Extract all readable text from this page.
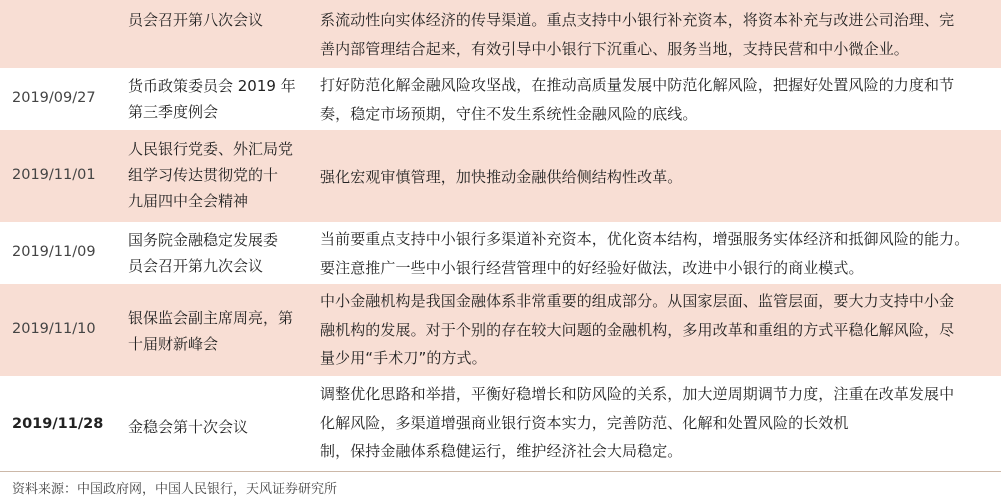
员会召开第八次会议	系流动性向实体经济的传导渠道。重点支持中小银行补充资本，将资本补充与改进公司治理、完
善内部管理结合起来，有效引导中小银行下沉重心、服务当地，支持民营和中小微企业。
2019/09/27
货币政策委员会 2019 年
第三季度例会
打好防范化解金融风险攻坚战，在推动高质量发展中防范化解风险，把握好处置风险的力度和节
奏，稳定市场预期，守住不发生系统性金融风险的底线。
2019/11/01
人民银行党委、外汇局党
组学习传达贯彻党的十
九届四中全会精神
强化宏观审慎管理，加快推动金融供给侧结构性改革。
2019/11/09
国务院金融稳定发展委
员会召开第九次会议
当前要重点支持中小银行多渠道补充资本，优化资本结构，增强服务实体经济和抵御风险的能力。
要注意推广一些中小银行经营管理中的好经验好做法，改进中小银行的商业模式。
2019/11/10
银保监会副主席周亮，第
十届财新峰会
中小金融机构是我国金融体系非常重要的组成部分。从国家层面、监管层面，要大力支持中小金
融机构的发展。对于个别的存在较大问题的金融机构，多用改革和重组的方式平稳化解风险，尽
量少用“手术刀”的方式。
2019/11/28	金稳会第十次会议
调整优化思路和举措，平衡好稳增长和防风险的关系，加大逆周期调节力度，注重在改革发展中
化解风险，多渠道增强商业银行资本实力，完善防范、化解和处置风险的长效机
制，保持金融体系稳健运行，维护经济社会大局稳定。
资料来源：中国政府网，中国人民银行，天风证券研究所
